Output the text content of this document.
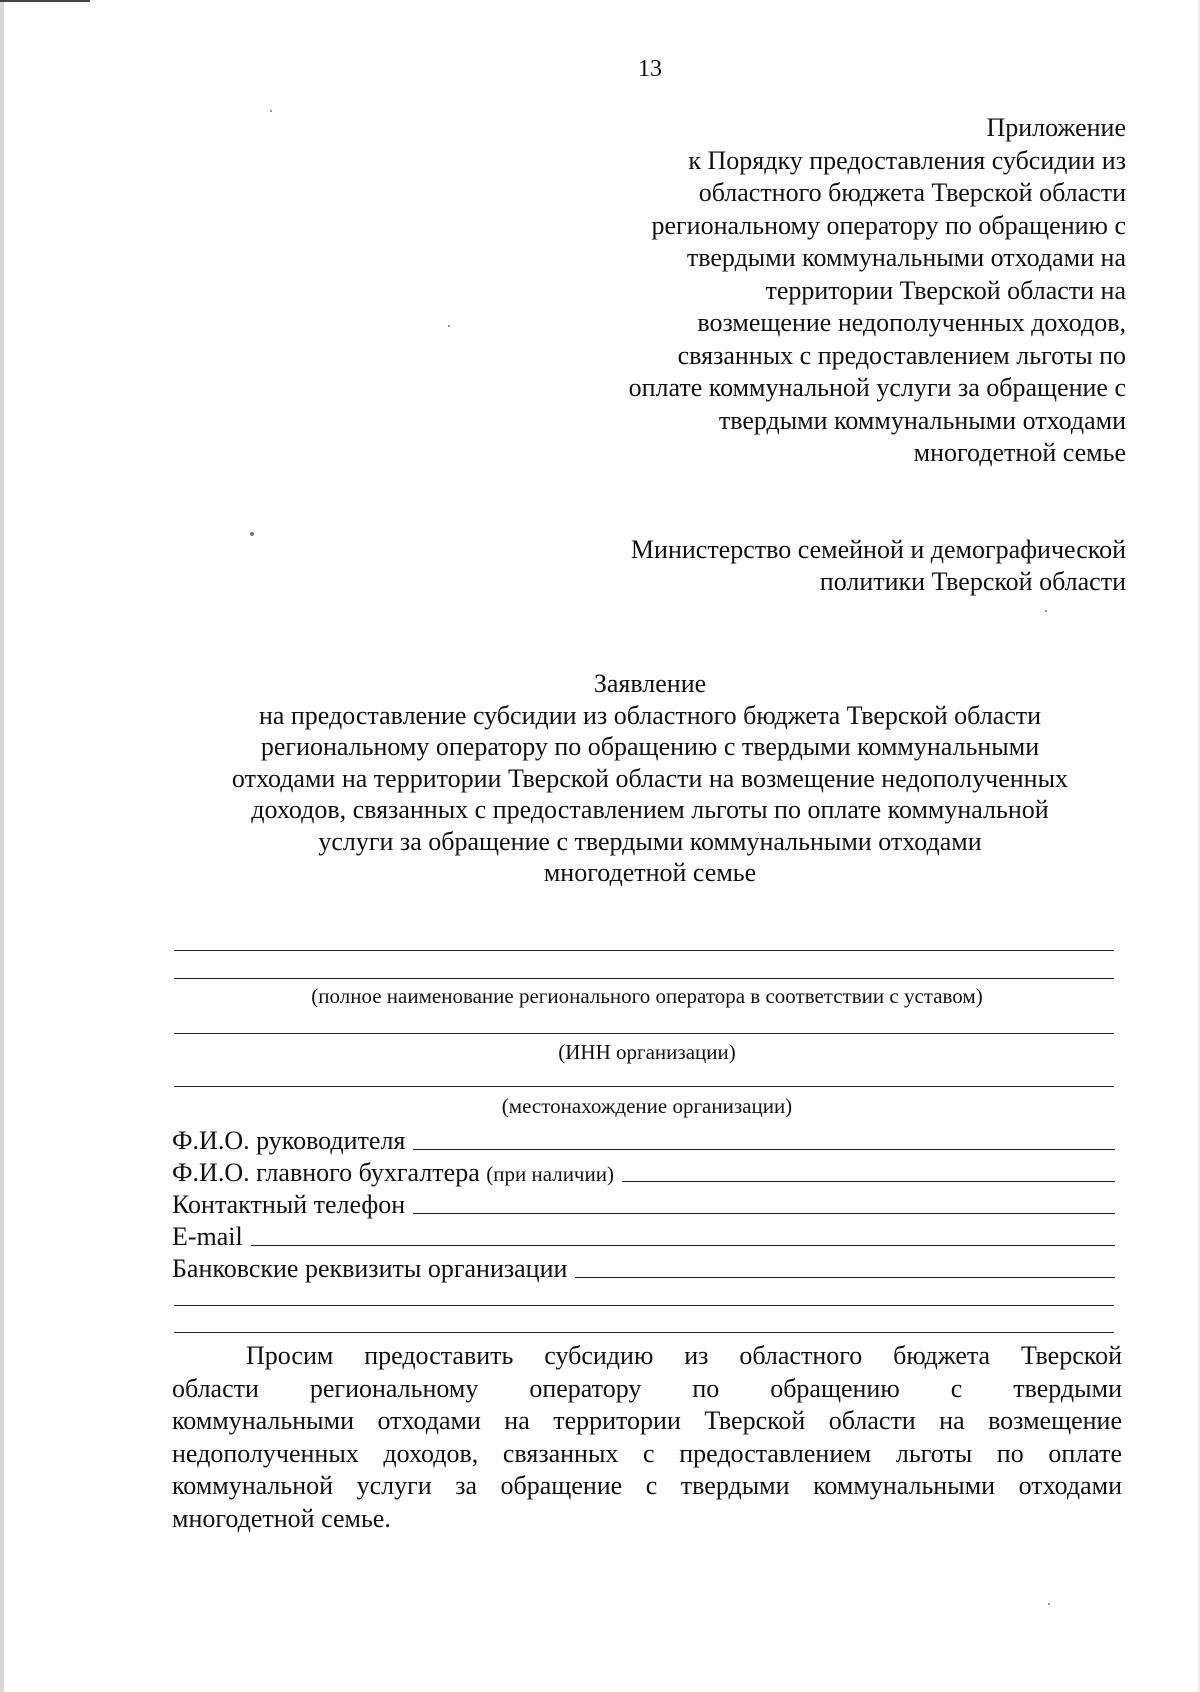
13
Приложение
к Порядку предоставления субсидии из
областного бюджета Тверской области
региональному оператору по обращению с
твердыми коммунальными отходами на
территории Тверской области на
возмещение недополученных доходов,
связанных с предоставлением льготы по
оплате коммунальной услуги за обращение с
твердыми коммунальными отходами
многодетной семье
Министерство семейной и демографической
политики Тверской области
Заявление
на предоставление субсидии из областного бюджета Тверской области
региональному оператору по обращению с твердыми коммунальными
отходами на территории Тверской области на возмещение недополученных
доходов, связанных с предоставлением льготы по оплате коммунальной
услуги за обращение с твердыми коммунальными отходами
многодетной семье
(полное наименование регионального оператора в соответствии с уставом)
(ИНН организации)
(местонахождение организации)
Ф.И.О. руководителя
Ф.И.О. главного бухгалтера (при наличии)
Контактный телефон
E-mail
Банковские реквизиты организации
Просим предоставить субсидию из областного бюджета Тверской
области региональному оператору по обращению с твердыми
коммунальными отходами на территории Тверской области на возмещение
недополученных доходов, связанных с предоставлением льготы по оплате
коммунальной услуги за обращение с твердыми коммунальными отходами
многодетной семье.
